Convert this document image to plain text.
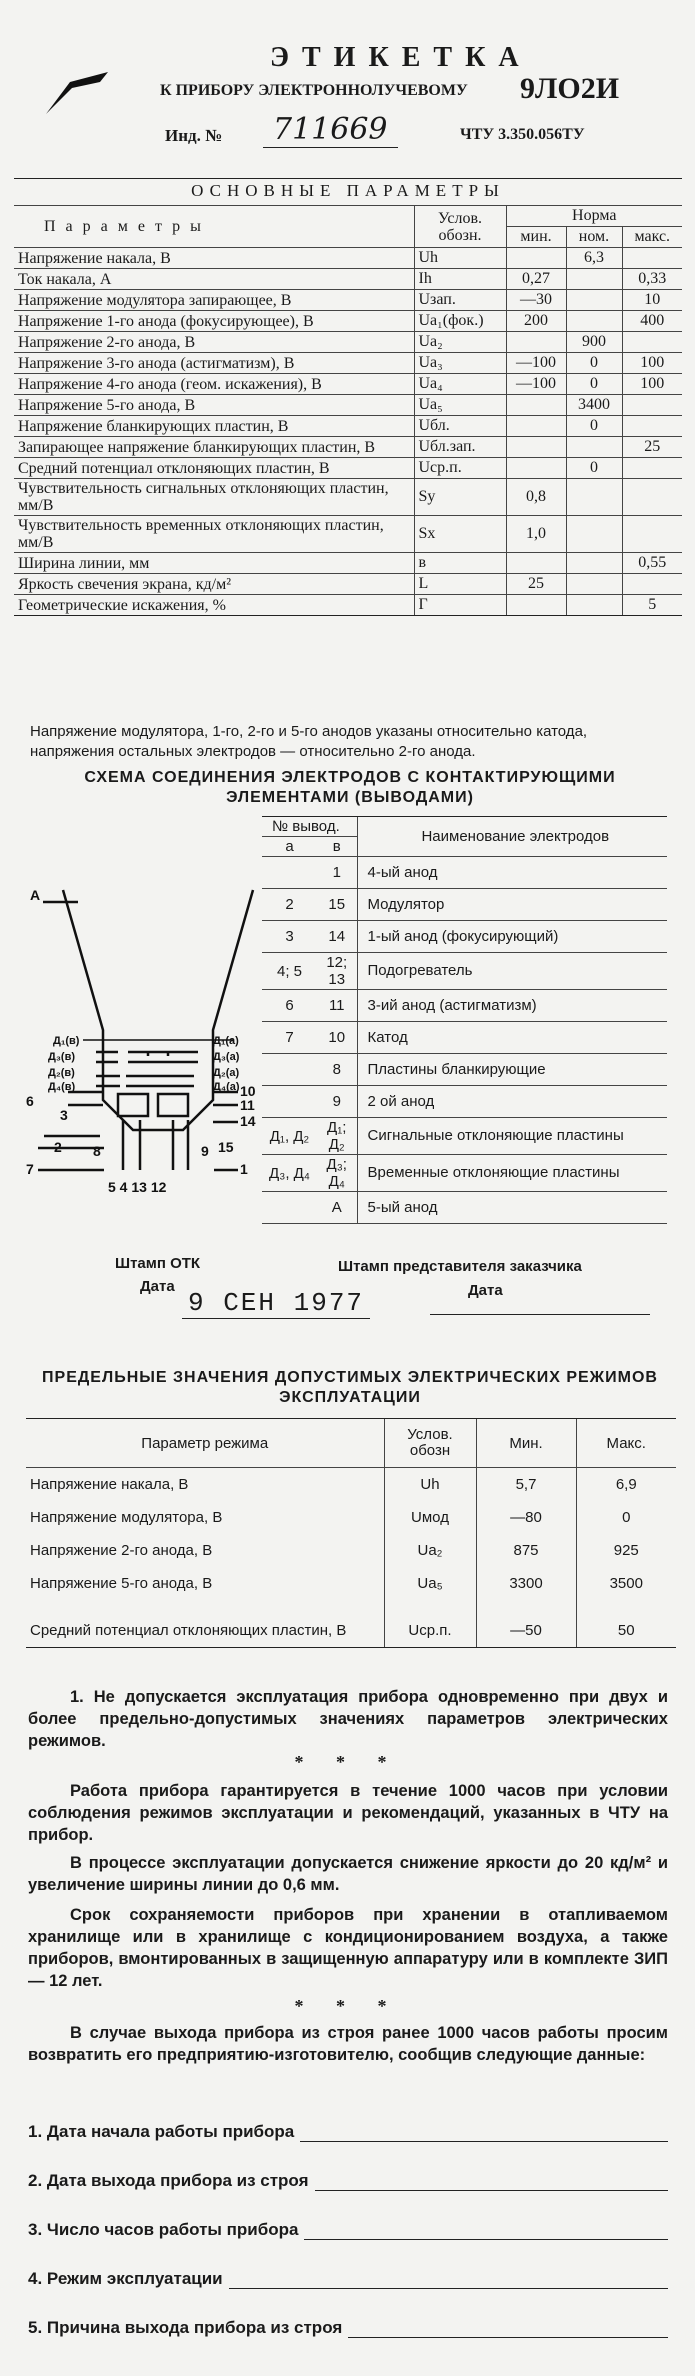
ЭТИКЕТКА
К ПРИБОРУ ЭЛЕКТРОННОЛУЧЕВОМУ 9ЛО2И
Инд. №	711669	ЧТУ 3.350.056ТУ
ОСНОВНЫЕ ПАРАМЕТРЫ				
Параметры	Услов. обозн.	Норма		
		мин.	ном.	макс.
Напряжение накала, В	Uh		6,3	
Ток накала, А	Ih	0,27		0,33
Напряжение модулятора запирающее, В	Uзап.	—30		10
Напряжение 1-го анода (фокусирующее), В	Ua₁(фок.)	200		400
Напряжение 2-го анода, В	Ua₂		900	
Напряжение 3-го анода (астигматизм), В	Ua₃	—100	0	100
Напряжение 4-го анода (геом. искажения), В	Ua₄	—100	0	100
Напряжение 5-го анода, В	Ua₅		3400	
Напряжение бланкирующих пластин, В	Uбл.		0	
Запирающее напряжение бланкирующих пластин, В	Uбл.зап.			25
Средний потенциал отклоняющих пластин, В	Uср.п.		0	
Чувствительность сигнальных отклоняющих пластин, мм/В	Sy	0,8		
Чувствительность временных отклоняющих пластин, мм/В	Sx	1,0		
Ширина линии, мм	в			0,55
Яркость свечения экрана, кд/м²	L	25		
Геометрические искажения, %	Г			5
Напряжение модулятора, 1-го, 2-го и 5-го анодов указаны относительно катода, напряжения остальных электродов — относительно 2-го анода.
СХЕМА СОЕДИНЕНИЯ ЭЛЕКТРОДОВ С КОНТАКТИРУЮЩИМИ ЭЛЕМЕНТАМИ (ВЫВОДАМИ)
А
Д₁(в)	Д₁(а)
Д₃(в)	Д₃(а)
Д₂(в)	Д₂(а)
Д₄(в)	Д₄(а)
6
3
2
7
10
11
14
15
1
8	9
5 4 13 12
№ вывод.		Наименование электродов
а	в	
	1	4-ый анод
2	15	Модулятор
3	14	1-ый анод (фокусирующий)
4; 5	12; 13	Подогреватель
6	11	3-ий анод (астигматизм)
7	10	Катод
	8	Пластины бланкирующие
	9	2 ой анод
Д₁, Д₂	Д₁; Д₂	Сигнальные отклоняющие пластины
Д₃, Д₄	Д₃; Д₄	Временные отклоняющие пластины
	А	5-ый анод
Штамп ОТК
Дата
9 СЕН 1977
Штамп представителя заказчика
Дата
ПРЕДЕЛЬНЫЕ ЗНАЧЕНИЯ ДОПУСТИМЫХ ЭЛЕКТРИЧЕСКИХ РЕЖИМОВ ЭКСПЛУАТАЦИИ
Параметр режима	Услов. обозн	Мин.	Макс.
Напряжение накала, В	Uh	5,7	6,9
Напряжение модулятора, В	Uмод	—80	0
Напряжение 2-го анода, В	Ua₂	875	925
Напряжение 5-го анода, В	Ua₅	3300	3500
Средний потенциал отклоняющих пластин, В	Uср.п.	—50	50
1. Не допускается эксплуатация прибора одновременно при двух и более предельно-допустимых значениях параметров электрических режимов.
* * *
Работа прибора гарантируется в течение 1000 часов при условии соблюдения режимов эксплуатации и рекомендаций, указанных в ЧТУ на прибор.
В процессе эксплуатации допускается снижение яркости до 20 кд/м² и увеличение ширины линии до 0,6 мм.
Срок сохраняемости приборов при хранении в отапливаемом хранилище или в хранилище с кондиционированием воздуха, а также приборов, вмонтированных в защищенную аппаратуру или в комплекте ЗИП — 12 лет.
* * *
В случае выхода прибора из строя ранее 1000 часов работы просим возвратить его предприятию-изготовителю, сообщив следующие данные:
1. Дата начала работы прибора
2. Дата выхода прибора из строя
3. Число часов работы прибора
4. Режим эксплуатации
5. Причина выхода прибора из строя
